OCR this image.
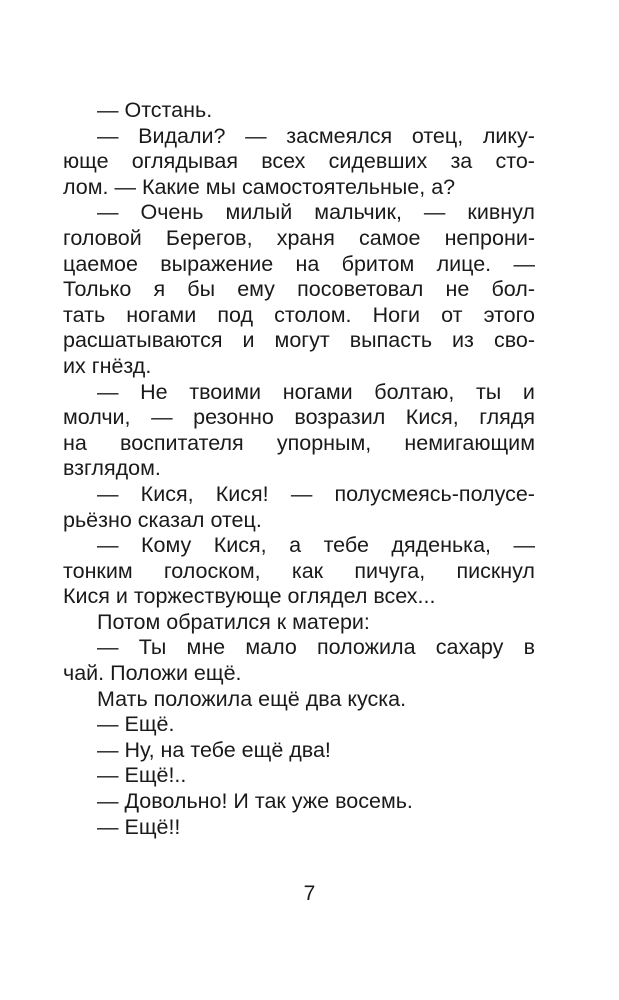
— Отстань.
— Видали? — засмеялся отец, лику-
юще оглядывая всех сидевших за сто-
лом. — Какие мы самостоятельные, а?
— Очень милый мальчик, — кивнул
головой Берегов, храня самое непрони-
цаемое выражение на бритом лице. —
Только я бы ему посоветовал не бол-
тать ногами под столом. Ноги от этого
расшатываются и могут выпасть из сво-
их гнёзд.
— Не твоими ногами болтаю, ты и
молчи, — резонно возразил Кися, глядя
на воспитателя упорным, немигающим
взглядом.
— Кися, Кися! — полусмеясь-полусе-
рьёзно сказал отец.
— Кому Кися, а тебе дяденька, —
тонким голоском, как пичуга, пискнул
Кися и торжествующе оглядел всех...
Потом обратился к матери:
— Ты мне мало положила сахару в
чай. Положи ещё.
Мать положила ещё два куска.
— Ещё.
— Ну, на тебе ещё два!
— Ещё!..
— Довольно! И так уже восемь.
— Ещё!!
7
